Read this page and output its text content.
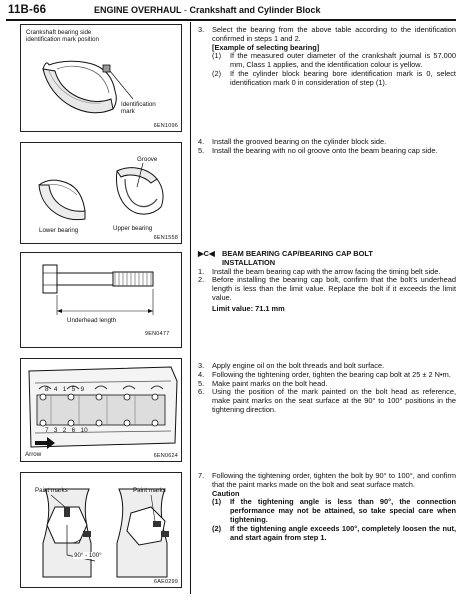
11B-66	ENGINE OVERHAUL - Crankshaft and Cylinder Block
Crankshaft bearing side
identification mark position
Identification
mark
6EN1096
Groove
Upper bearing
Lower bearing
6EN1558
Underhead length
9EN0477
8   4   1   5   9
7   3   2   6   10
Arrow	6EN0624
Paint marks	Paint marks
90° - 100°
6AE0299
3.	Select the bearing from the above table according to the identification confirmed in steps 1 and 2.
[Example of selecting bearing]
(1)	If the measured outer diameter of the crankshaft journal is 57.000 mm, Class 1 applies, and the identification colour is yellow.
(2)	If the cylinder block bearing bore identification mark is 0, select identification mark 0 in consideration of step (1).
4.	Install the grooved bearing on the cylinder block side.
5.	Install the bearing with no oil groove onto the beam bearing cap side.
▶C◀ BEAM BEARING CAP/BEARING CAP BOLT
INSTALLATION
1.	Install the beam bearing cap with the arrow facing the timing belt side.
2.	Before installing the bearing cap bolt, confirm that the bolt's underhead length is less than the limit value. Replace the bolt if it exceeds the limit value.
Limit value: 71.1 mm
3.	Apply engine oil on the bolt threads and bolt surface.
4.	Following the tightening order, tighten the bearing cap bolt at 25 ± 2 N•m.
5.	Make paint marks on the bolt head.
6.	Using the position of the mark painted on the bolt head as reference, make paint marks on the seat surface at the 90° to 100° positions in the tightening direction.
7.	Following the tightening order, tighten the bolt by 90° to 100°, and confirm that the paint marks made on the bolt and seat surface match.
Caution
(1)	If the tightening angle is less than 90°, the connection performance may not be attained, so take special care when tightening.
(2)	If the tightening angle exceeds 100°, completely loosen the nut, and start again from step 1.
